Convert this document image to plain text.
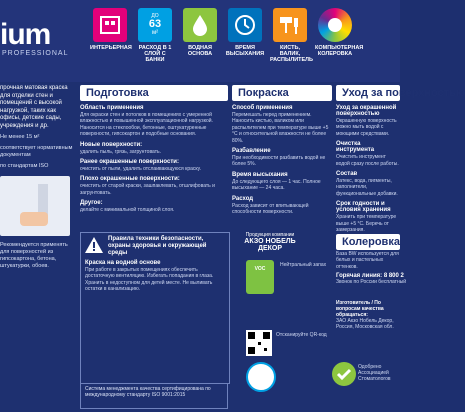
ium
PROFESSIONAL
ИНТЕРЬЕРНАЯ
ДО
63
м²
РАСХОД В 1 СЛОЙ С БАНКИ
ВОДНАЯ ОСНОВА
ВРЕМЯ ВЫСЫХАНИЯ
КИСТЬ, ВАЛИК, РАСПЫЛИТЕЛЬ
КОМПЬЮТЕРНАЯ КОЛЕРОВКА

прочная матовая краска для отделки стен и помещений с высокой нагрузкой, таких как офисы, детские сады, учреждения и др.

Не менее 15 м²

соответствует нормативным документам

по стандартам ISO

Рекомендуется применять для поверхностей из гипсокартона, бетона, штукатурки, обоев.

Подготовка
Область применения

Для окраски стен и потолков в помещениях с умеренной влажностью и повышенной эксплуатационной нагрузкой. Наносится на стеклообои, бетонные, оштукатуренные поверхности, гипсокартон и подобные основания.

Новые поверхности:

удалить пыль, грязь, загрунтовать.

Ранее окрашенные поверхности:

очистить от пыли, удалить отслаивающуюся краску.

Плохо окрашенные поверхности:

очистить от старой краски, зашпаклевать, отшлифовать и загрунтовать.

Другое:

делайте с минимальной толщиной слоя.

Правила техники безопасности, охраны здоровья и окружающей среды
Краска на водной основе

При работе в закрытых помещениях обеспечить достаточную вентиляцию. Избегать попадания в глаза. Хранить в недоступном для детей месте. Не выливать остатки в канализацию.

Система менеджмента качества сертифицирована по международному стандарту ISO 9001:2015
Покраска
Способ применения

Перемешать перед применением. Наносить кистью, валиком или распылителем при температуре выше +5 °С и относительной влажности не более 80%.

Разбавление

При необходимости разбавить водой не более 5%.

Время высыхания

До следующего слоя — 1 час. Полное высыхание — 24 часа.

Расход

Расход зависит от впитывающей способности поверхности.

Продукция компании
АКЗО НОБЕЛЬ
ДЕКОР
VOC
Нейтральный запах
Отсканируйте QR-код
Одобрено Ассоциацией Стоматологов
Уход за поверхностью
Уход за окрашенной поверхностью

Окрашенную поверхность можно мыть водой с моющими средствами.

Очистка инструмента

Очистить инструмент водой сразу после работы.

Состав

Латекс, вода, пигменты, наполнители, функциональные добавки.

Срок годности и условия хранения

Хранить при температуре выше +5 °С. Беречь от замерзания.

Колеровка

База BW используется для белых и пастельных оттенков.

Горячая линия: 8 800 2
Звонок по России бесплатный
Изготовитель / По вопросам качества обращаться:
ЗАО Акзо Нобель Декор, Россия, Московская обл.
